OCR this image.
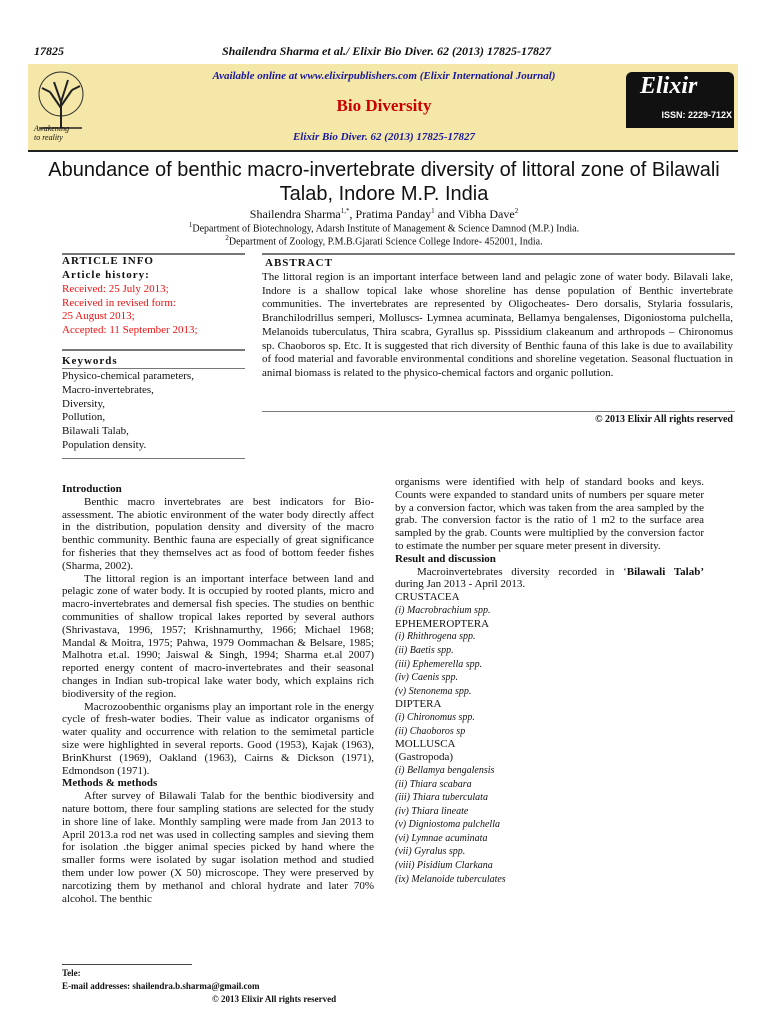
17825	Shailendra Sharma et al./ Elixir Bio Diver. 62 (2013) 17825-17827
Awakening to reality
Available online at www.elixirpublishers.com (Elixir International Journal)
Bio Diversity
Elixir Bio Diver. 62 (2013) 17825-17827
Elixir
ISSN: 2229-712X
Abundance of benthic macro-invertebrate diversity of littoral zone of Bilawali Talab, Indore M.P. India
Shailendra Sharma$^{1,*}$, Pratima Panday$^1$ and Vibha Dave$^2$
$^1$Department of Biotechnology, Adarsh Institute of Management & Science Damnod (M.P.) India.
$^2$Department of Zoology, P.M.B.Gjarati Science College Indore- 452001, India.
ARTICLE INFO
Article history:
Received: 25 July 2013;
Received in revised form:
25 August 2013;
Accepted: 11 September 2013;
Keywords
Physico-chemical parameters,
Macro-invertebrates,
Diversity,
Pollution,
Bilawali Talab,
Population density.
ABSTRACT
The littoral region is an important interface between land and pelagic zone of water body. Bilavali lake, Indore is a shallow topical lake whose shoreline has dense population of Benthic invertebrate communities. The invertebrates are represented by Oligocheates- Dero dorsalis, Stylaria fossularis, Branchilodrillus semperi, Molluscs- Lymnea acuminata, Bellamya bengalenses, Digoniostoma pulchella, Melanoids tuberculatus, Thira scabra, Gyrallus sp. Pisssidium clakeanum and arthropods – Chironomus sp. Chaoboros sp. Etc. It is suggested that rich diversity of Benthic fauna of this lake is due to availability of food material and favorable environmental conditions and shoreline vegetation. Seasonal fluctuation in animal biomass is related to the physico-chemical factors and organic pollution.
© 2013 Elixir All rights reserved
Introduction

Benthic macro invertebrates are best indicators for Bio-assessment. The abiotic environment of the water body directly affect in the distribution, population density and diversity of the macro benthic community. Benthic fauna are especially of great significance for fisheries that they themselves act as food of bottom feeder fishes (Sharma, 2002).

The littoral region is an important interface between land and pelagic zone of water body. It is occupied by rooted plants, micro and macro-invertebrates and demersal fish species. The studies on benthic communities of shallow tropical lakes reported by several authors (Shrivastava, 1996, 1957; Krishnamurthy, 1966; Michael 1968; Mandal & Moitra, 1975; Pahwa, 1979 Oommachan & Belsare, 1985; Malhotra et.al. 1990; Jaiswal & Singh, 1994; Sharma et.al 2007) reported energy content of macro-invertebrates and their seasonal changes in Indian sub-tropical lake water body, which explains rich biodiversity of the region.

Macrozoobenthic organisms play an important role in the energy cycle of fresh-water bodies. Their value as indicator organisms of water quality and occurrence with relation to the semimetal particle size were highlighted in several reports. Good (1953), Kajak (1963), BrinKhurst (1969), Oakland (1963), Cairns & Dickson (1971), Edmondson (1971).

Methods & methods

After survey of Bilawali Talab for the benthic biodiversity and nature bottom, there four sampling stations are selected for the study in shore line of lake. Monthly sampling were made from Jan 2013 to April 2013.a rod net was used in collecting samples and sieving them for isolation .the bigger animal species picked by hand where the smaller forms were isolated by sugar isolation method and studied them under low power (X 50) microscope. They were preserved by narcotizing them by methanol and chloral hydrate and later 70% alcohol. The benthic

organisms were identified with help of standard books and keys. Counts were expanded to standard units of numbers per square meter by a conversion factor, which was taken from the area sampled by the grab. The conversion factor is the ratio of 1 m2 to the surface area sampled by the grab. Counts were multiplied by the conversion factor to estimate the number per square meter present in diversity.

Result and discussion

Macroinvertebrates diversity recorded in ‘Bilawali Talab’ during Jan 2013 - April 2013.

CRUSTACEA
(i) Macrobrachium spp.
EPHEMEROPTERA
(i) Rhithrogena spp.
(ii) Baetis spp.
(iii) Ephemerella spp.
(iv) Caenis spp.
(v) Stenonema spp.
DIPTERA
(i) Chironomus spp.
(ii) Chaoboros sp
MOLLUSCA
(Gastropoda)
(i) Bellamya bengalensis
(ii) Thiara scabara
(iii) Thiara tuberculata
(iv) Thiara lineate
(v) Digniostoma pulchella
(vi) Lymnae acuminata
(vii) Gyralus spp.
(viii) Pisidium Clarkana
(ix) Melanoide tuberculates
Tele:
E-mail addresses: shailendra.b.sharma@gmail.com
© 2013 Elixir All rights reserved
